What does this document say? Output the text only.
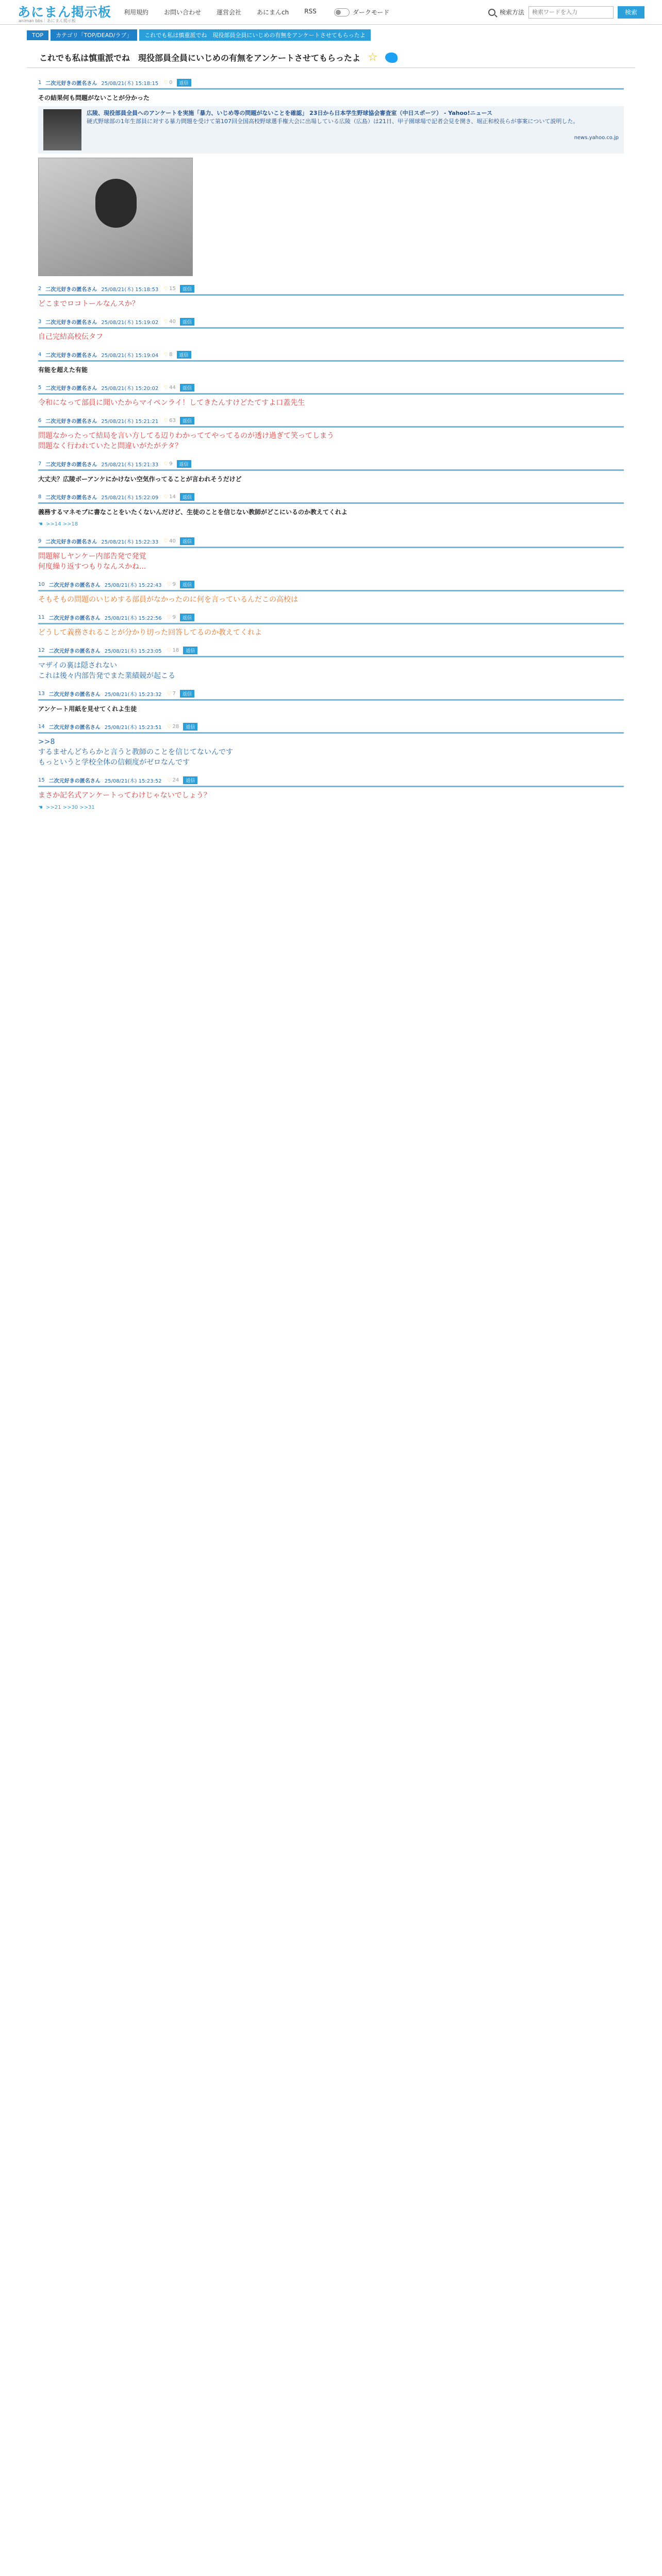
あにまん掲示板
animan bbs｜あにまん掲示板
利用規約	お問い合わせ	運営会社	あにまんch	RSS	ダークモード	検索方法
検索ワードを入力	検索
TOP	カテゴリ「TOP/DEAD/ラブ」	これでも私は慎重派でね　現役部員全員にいじめの有無をアンケートさせてもらったよ
これでも私は慎重派でね　現役部員全員にいじめの有無をアンケートさせてもらったよ ☆
1 二次元好きの匿名さん 25/08/21(木) 15:18:15 ♡ 0	返信
その結果何も問題がないことが分かった
広陵、現役部員全員へのアンケートを実施「暴力、いじめ等の問題がないことを確認」 23日から日本学生野球協会審査室（中日スポーツ） - Yahoo!ニュース
硬式野球部の1年生部員に対する暴力問題を受けて第107回全国高校野球選手権大会に出場している広陵（広島）は21日、甲子園球場で記者会見を開き、堀正和校長らが事案について説明した。
news.yahoo.co.jp
2 二次元好きの匿名さん 25/08/21(木) 15:18:53 ♡ 15	返信
どこまでロコトールなんスか？
3 二次元好きの匿名さん 25/08/21(木) 15:19:02 ♡ 40	返信
自己完結高校伝タフ
4 二次元好きの匿名さん 25/08/21(木) 15:19:04 ♡ 8	返信
有能を超えた有能
5 二次元好きの匿名さん 25/08/21(木) 15:20:02 ♡ 44	返信
令和になって部員に聞いたからマイペンライ！してきたんすけどたてすよ口蓋先生
6 二次元好きの匿名さん 25/08/21(木) 15:21:21 ♡ 63	返信
問題なかったって結局を言い方してる辺りわかっててやってるのが透け過ぎて笑ってしまう
問題なく行われていたと問違いがたがテタ？
7 二次元好きの匿名さん 25/08/21(木) 15:21:33 ♡ 9	返信
大丈夫？広陵ボーアンケにかけない空気作ってることが言われそうだけど
8 二次元好きの匿名さん 25/08/21(木) 15:22:09 ♡ 14	返信
義務するマネモブに書なことをいたくないんだけど、生徒のことを信じない教師がどこにいるのか教えてくれよ
☚ >>14 >>18
9 二次元好きの匿名さん 25/08/21(木) 15:22:33 ♡ 40	返信
問題解しヤンケー内部告発で発覚
何度繰り返すつもりなんスかね...
10 二次元好きの匿名さん 25/08/21(木) 15:22:43 ♡ 9	返信
そもそもの問題のいじめする部員がなかったのに何を言っているんだこの高校は
11 二次元好きの匿名さん 25/08/21(木) 15:22:56 ♡ 9	返信
どうして義務されることが分かり切った回答してるのか教えてくれよ
12 二次元好きの匿名さん 25/08/21(木) 15:23:05 ♡ 18	返信
マザイの裏は隠されない
これは後々内部告発でまた業績競が起こる
13 二次元好きの匿名さん 25/08/21(木) 15:23:32 ♡ 7	返信
アンケート用紙を見せてくれよ生徒
14 二次元好きの匿名さん 25/08/21(木) 15:23:51 ♡ 28	返信
>>8
するませんどちらかと言うと教師のことを信じてないんです
もっというと学校全体の信頼度がゼロなんです
15 二次元好きの匿名さん 25/08/21(木) 15:23:52 ♡ 24	返信
まさか記名式アンケートってわけじゃないでしょう？
☚ >>21 >>30 >>31
